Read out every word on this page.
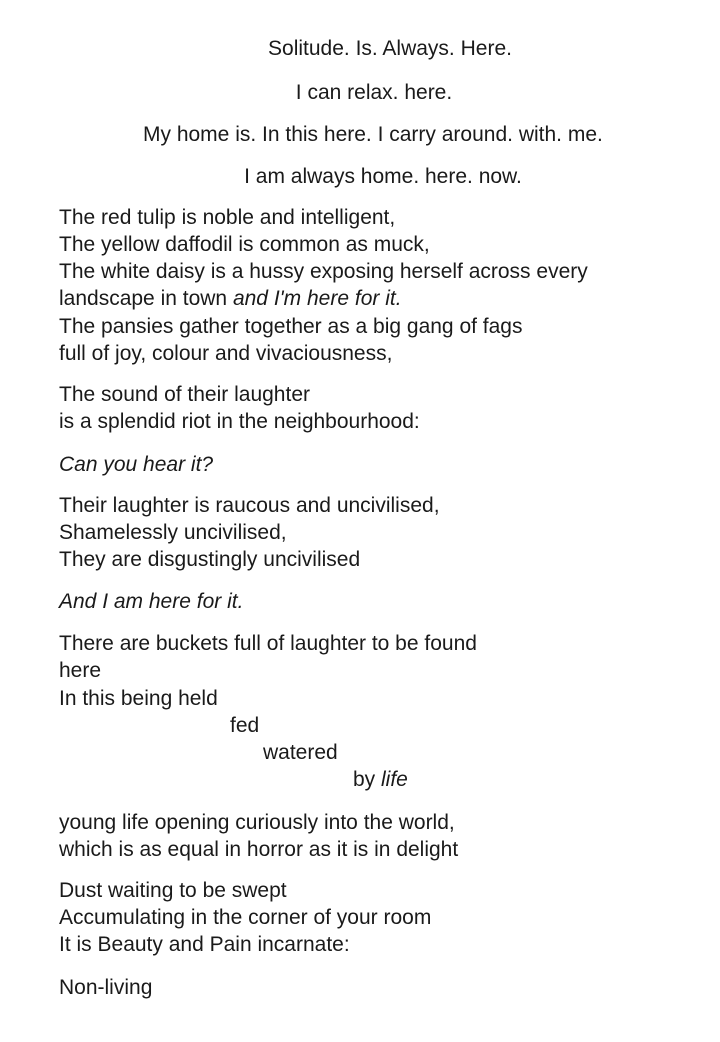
Solitude. Is. Always. Here.
I can relax. here.
My home is. In this here. I carry around. with. me.
I am always home. here. now.
The red tulip is noble and intelligent,
The yellow daffodil is common as muck,
The white daisy is a hussy exposing herself across every
landscape in town and I'm here for it.
The pansies gather together as a big gang of fags
full of joy, colour and vivaciousness,
The sound of their laughter
is a splendid riot in the neighbourhood:
Can you hear it?
Their laughter is raucous and uncivilised,
Shamelessly uncivilised,
They are disgustingly uncivilised
And I am here for it.
There are buckets full of laughter to be found
here
In this being held
fed
watered
by life
young life opening curiously into the world,
which is as equal in horror as it is in delight
Dust waiting to be swept
Accumulating in the corner of your room
It is Beauty and Pain incarnate:
Non-living
